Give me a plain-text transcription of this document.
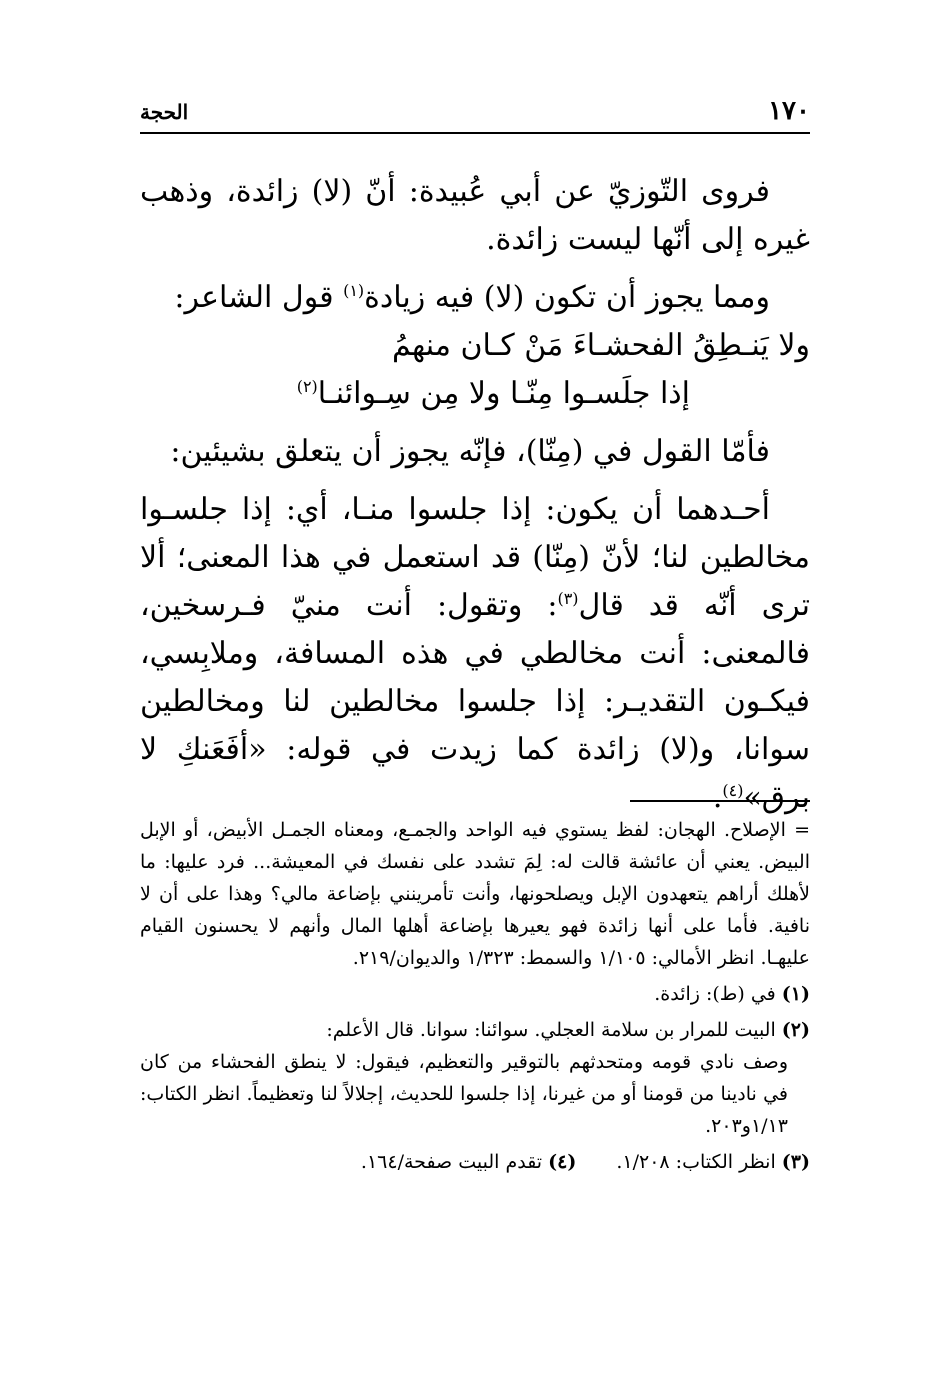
١٧٠
الحجة

فروى التّوزيّ عن أبي عُبيدة: أنّ (لا) زائدة، وذهب غيره إلى أنّها ليست زائدة.

ومما يجوز أن تكون (لا) فيه زيادة$^{(١)}$ قول الشاعر:

ولا يَنـطِقُ الفحشـاءَ مَنْ كـان منهمُ

إذا جلَسـوا مِنّـا ولا مِن سِـوائنـا$^{(٢)}$

فأمّا القول في (مِنّا)، فإنّه يجوز أن يتعلق بشيئين:

أحـدهما أن يكون: إذا جلسوا منـا، أي: إذا جلسـوا مخالطين لنا؛ لأنّ (مِنّا) قد استعمل في هذا المعنى؛ ألا ترى أنّه قد قال$^{(٣)}$: وتقول: أنت منيّ فـرسخين، فالمعنى: أنت مخالطي في هذه المسافة، وملابِسي، فيكـون التقديـر: إذا جلسوا مخالطين لنا ومخالطين سوانا، و(لا) زائدة كما زيدت في قوله: «أفَعَنكِ لا برق»$^{(٤)}$.

= الإصلاح. الهجان: لفظ يستوي فيه الواحد والجمـع، ومعناه الجمـل الأبيض، أو الإبل البيض. يعني أن عائشة قالت له: لِمَ تشدد على نفسك في المعيشة... فرد عليها: ما لأهلك أراهم يتعهدون الإبل ويصلحونها، وأنت تأمرينني بإضاعة مالي؟ وهذا على أن لا نافية. فأما على أنها زائدة فهو يعيرها بإضاعة أهلها المال وأنهم لا يحسنون القيام عليهـا. انظر الأمالي: ١/١٠٥ والسمط: ١/٣٢٣ والديوان/٢١٩.

(١) في (ط): زائدة.

(٢) البيت للمرار بن سلامة العجلي. سوائنا: سوانا. قال الأعلم:

وصف نادي قومه ومتحدثهم بالتوقير والتعظيم، فيقول: لا ينطق الفحشاء من كان في نادينا من قومنا أو من غيرنا، إذا جلسوا للحديث، إجلالاً لنا وتعظيماً. انظر الكتاب: ١/١٣و٢٠٣.

(٣) انظر الكتاب: ١/٢٠٨.(٤) تقدم البيت صفحة/١٦٤.
